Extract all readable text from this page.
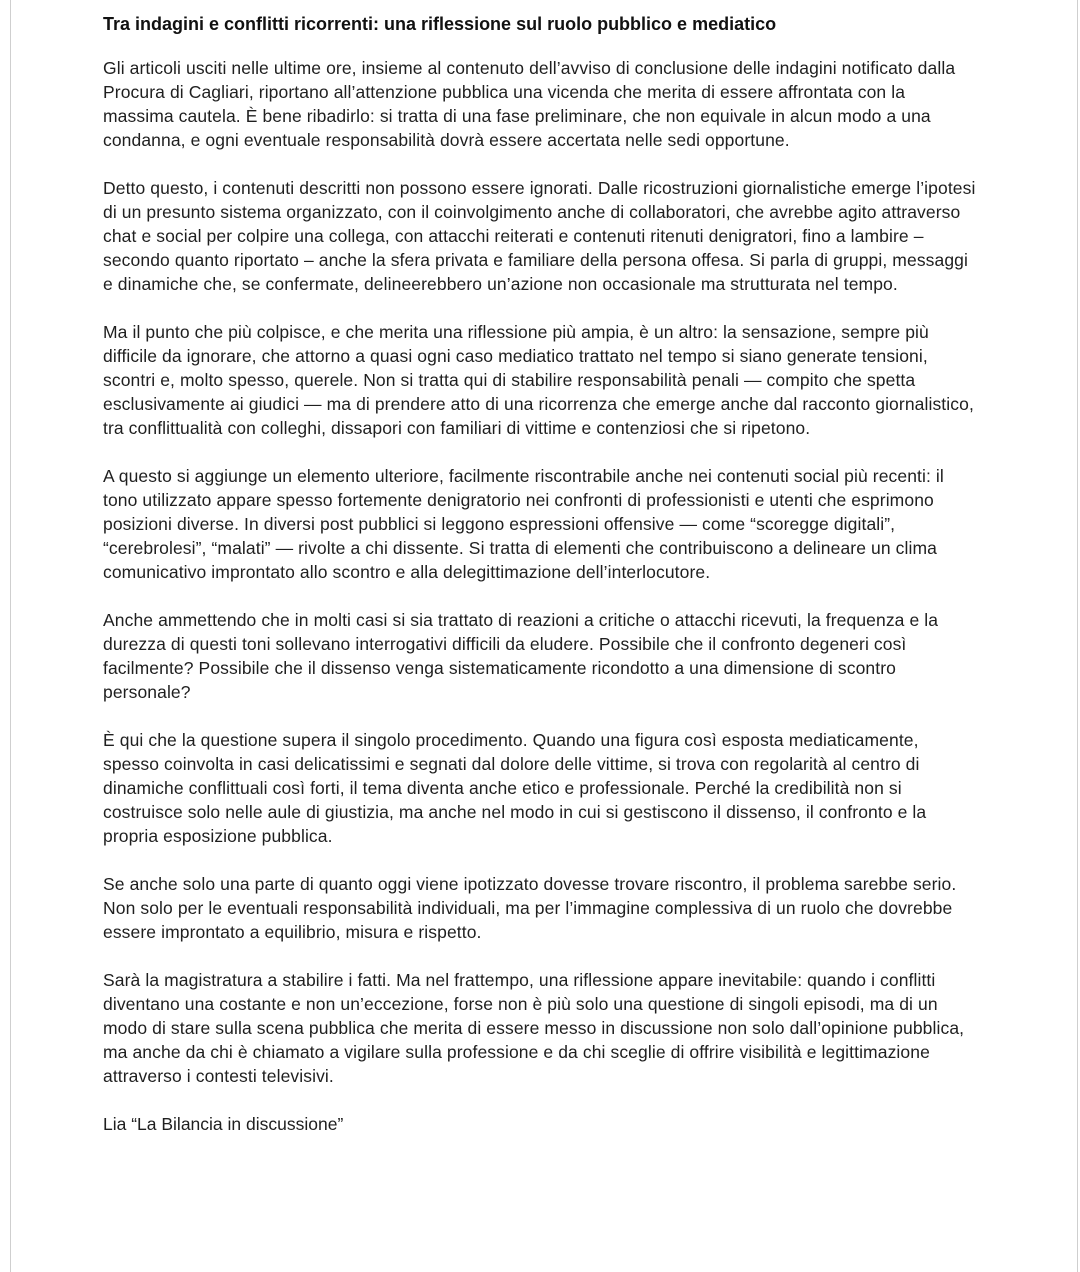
Tra indagini e conflitti ricorrenti: una riflessione sul ruolo pubblico e mediatico

Gli articoli usciti nelle ultime ore, insieme al contenuto dell’avviso di conclusione delle indagini notificato dalla Procura di Cagliari, riportano all’attenzione pubblica una vicenda che merita di essere affrontata con la massima cautela. È bene ribadirlo: si tratta di una fase preliminare, che non equivale in alcun modo a una condanna, e ogni eventuale responsabilità dovrà essere accertata nelle sedi opportune.

Detto questo, i contenuti descritti non possono essere ignorati. Dalle ricostruzioni giornalistiche emerge l’ipotesi di un presunto sistema organizzato, con il coinvolgimento anche di collaboratori, che avrebbe agito attraverso chat e social per colpire una collega, con attacchi reiterati e contenuti ritenuti denigratori, fino a lambire – secondo quanto riportato – anche la sfera privata e familiare della persona offesa. Si parla di gruppi, messaggi e dinamiche che, se confermate, delineerebbero un’azione non occasionale ma strutturata nel tempo.

Ma il punto che più colpisce, e che merita una riflessione più ampia, è un altro: la sensazione, sempre più difficile da ignorare, che attorno a quasi ogni caso mediatico trattato nel tempo si siano generate tensioni, scontri e, molto spesso, querele. Non si tratta qui di stabilire responsabilità penali — compito che spetta esclusivamente ai giudici — ma di prendere atto di una ricorrenza che emerge anche dal racconto giornalistico, tra conflittualità con colleghi, dissapori con familiari di vittime e contenziosi che si ripetono.

A questo si aggiunge un elemento ulteriore, facilmente riscontrabile anche nei contenuti social più recenti: il tono utilizzato appare spesso fortemente denigratorio nei confronti di professionisti e utenti che esprimono posizioni diverse. In diversi post pubblici si leggono espressioni offensive — come “scoregge digitali”, “cerebrolesi”, “malati” — rivolte a chi dissente. Si tratta di elementi che contribuiscono a delineare un clima comunicativo improntato allo scontro e alla delegittimazione dell’interlocutore.

Anche ammettendo che in molti casi si sia trattato di reazioni a critiche o attacchi ricevuti, la frequenza e la durezza di questi toni sollevano interrogativi difficili da eludere. Possibile che il confronto degeneri così facilmente? Possibile che il dissenso venga sistematicamente ricondotto a una dimensione di scontro personale?

È qui che la questione supera il singolo procedimento. Quando una figura così esposta mediaticamente, spesso coinvolta in casi delicatissimi e segnati dal dolore delle vittime, si trova con regolarità al centro di dinamiche conflittuali così forti, il tema diventa anche etico e professionale. Perché la credibilità non si costruisce solo nelle aule di giustizia, ma anche nel modo in cui si gestiscono il dissenso, il confronto e la propria esposizione pubblica.

Se anche solo una parte di quanto oggi viene ipotizzato dovesse trovare riscontro, il problema sarebbe serio. Non solo per le eventuali responsabilità individuali, ma per l’immagine complessiva di un ruolo che dovrebbe essere improntato a equilibrio, misura e rispetto.

Sarà la magistratura a stabilire i fatti. Ma nel frattempo, una riflessione appare inevitabile: quando i conflitti diventano una costante e non un’eccezione, forse non è più solo una questione di singoli episodi, ma di un modo di stare sulla scena pubblica che merita di essere messo in discussione non solo dall’opinione pubblica, ma anche da chi è chiamato a vigilare sulla professione e da chi sceglie di offrire visibilità e legittimazione attraverso i contesti televisivi.

Lia “La Bilancia in discussione”
